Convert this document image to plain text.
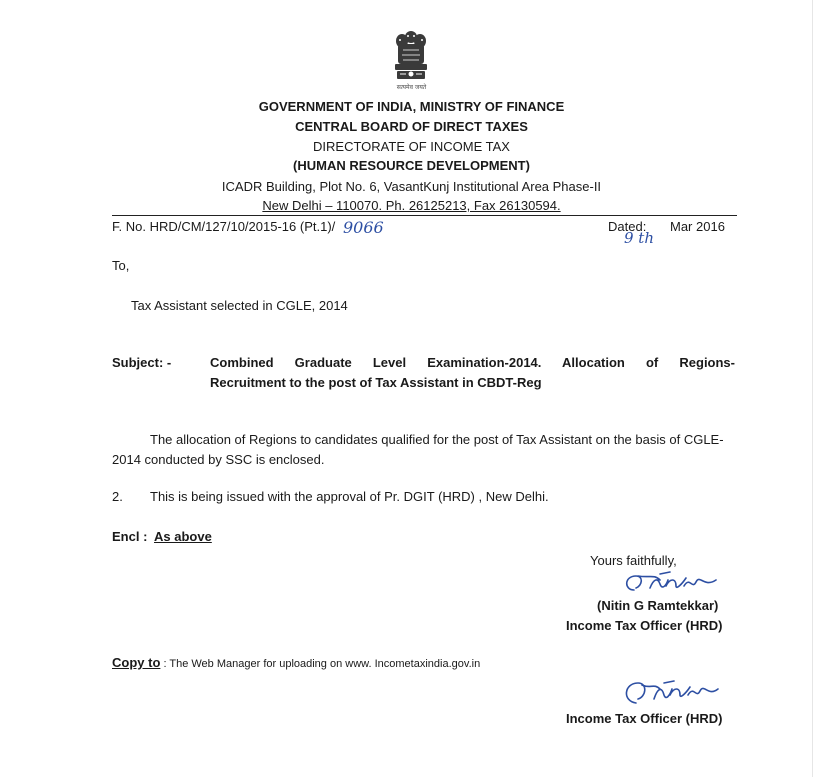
सत्यमेव जयते
GOVERNMENT OF INDIA, MINISTRY OF FINANCE
CENTRAL BOARD OF DIRECT TAXES
DIRECTORATE OF INCOME TAX
(HUMAN RESOURCE DEVELOPMENT)
ICADR Building, Plot No. 6, VasantKunj Institutional Area Phase-II
New Delhi – 110070. Ph. 26125213, Fax 26130594.
F. No. HRD/CM/127/10/2015-16 (Pt.1)/ 9066	Dated: Mar 2016
9 th
To,
Tax Assistant selected in CGLE, 2014
Subject: -	Combined Graduate Level Examination-2014. Allocation of Regions-
Recruitment to the post of Tax Assistant in CBDT-Reg
The allocation of Regions to candidates qualified for the post of Tax Assistant on the basis of CGLE-2014 conducted by SSC is enclosed.
2. This is being issued with the approval of Pr. DGIT (HRD) , New Delhi.
Encl : As above
Yours faithfully,
(Nitin G Ramtekkar)
Income Tax Officer (HRD)
Copy to : The Web Manager for uploading on www. Incometaxindia.gov.in
Income Tax Officer (HRD)
